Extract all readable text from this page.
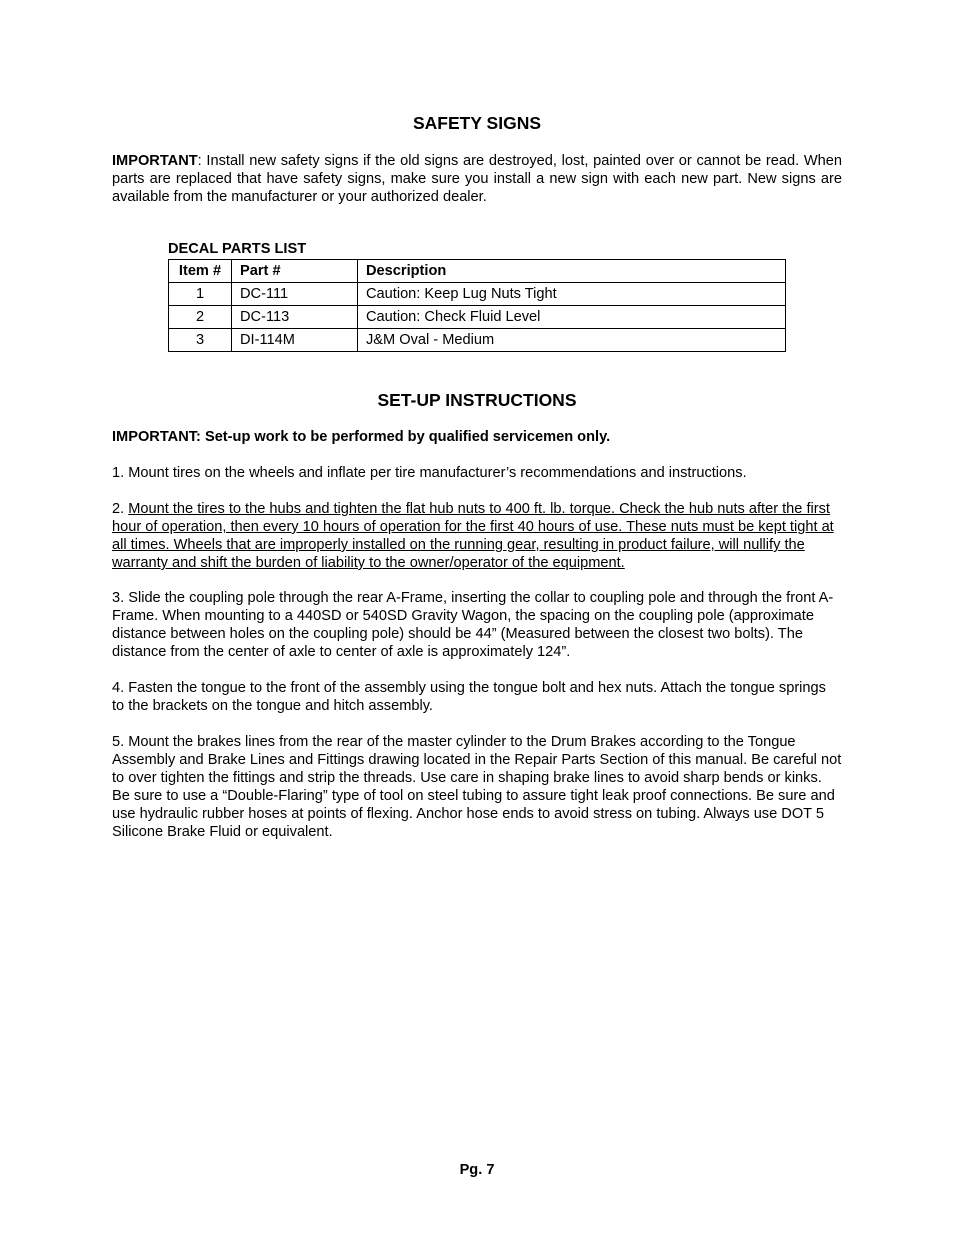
SAFETY SIGNS

IMPORTANT: Install new safety signs if the old signs are destroyed, lost, painted over or cannot be read. When parts are replaced that have safety signs, make sure you install a new sign with each new part. New signs are available from the manufacturer or your authorized dealer.

DECAL PARTS LIST
Item #	Part #	Description
1	DC-111	Caution: Keep Lug Nuts Tight
2	DC-113	Caution: Check Fluid Level
3	DI-114M	J&M Oval - Medium
SET-UP INSTRUCTIONS

IMPORTANT: Set-up work to be performed by qualified servicemen only.

1. Mount tires on the wheels and inflate per tire manufacturer’s recommendations and instructions.

2. Mount the tires to the hubs and tighten the flat hub nuts to 400 ft. lb. torque. Check the hub nuts after the first hour of operation, then every 10 hours of operation for the first 40 hours of use. These nuts must be kept tight at all times. Wheels that are improperly installed on the running gear, resulting in product failure, will nullify the warranty and shift the burden of liability to the owner/operator of the equipment.

3. Slide the coupling pole through the rear A-Frame, inserting the collar to coupling pole and through the front A-Frame. When mounting to a 440SD or 540SD Gravity Wagon, the spacing on the coupling pole (approximate distance between holes on the coupling pole) should be 44” (Measured between the closest two bolts). The distance from the center of axle to center of axle is approximately 124”.

4. Fasten the tongue to the front of the assembly using the tongue bolt and hex nuts. Attach the tongue springs to the brackets on the tongue and hitch assembly.

5. Mount the brakes lines from the rear of the master cylinder to the Drum Brakes according to the Tongue Assembly and Brake Lines and Fittings drawing located in the Repair Parts Section of this manual. Be careful not to over tighten the fittings and strip the threads. Use care in shaping brake lines to avoid sharp bends or kinks. Be sure to use a “Double-Flaring” type of tool on steel tubing to assure tight leak proof connections. Be sure and use hydraulic rubber hoses at points of flexing. Anchor hose ends to avoid stress on tubing. Always use DOT 5 Silicone Brake Fluid or equivalent.

Pg. 7
